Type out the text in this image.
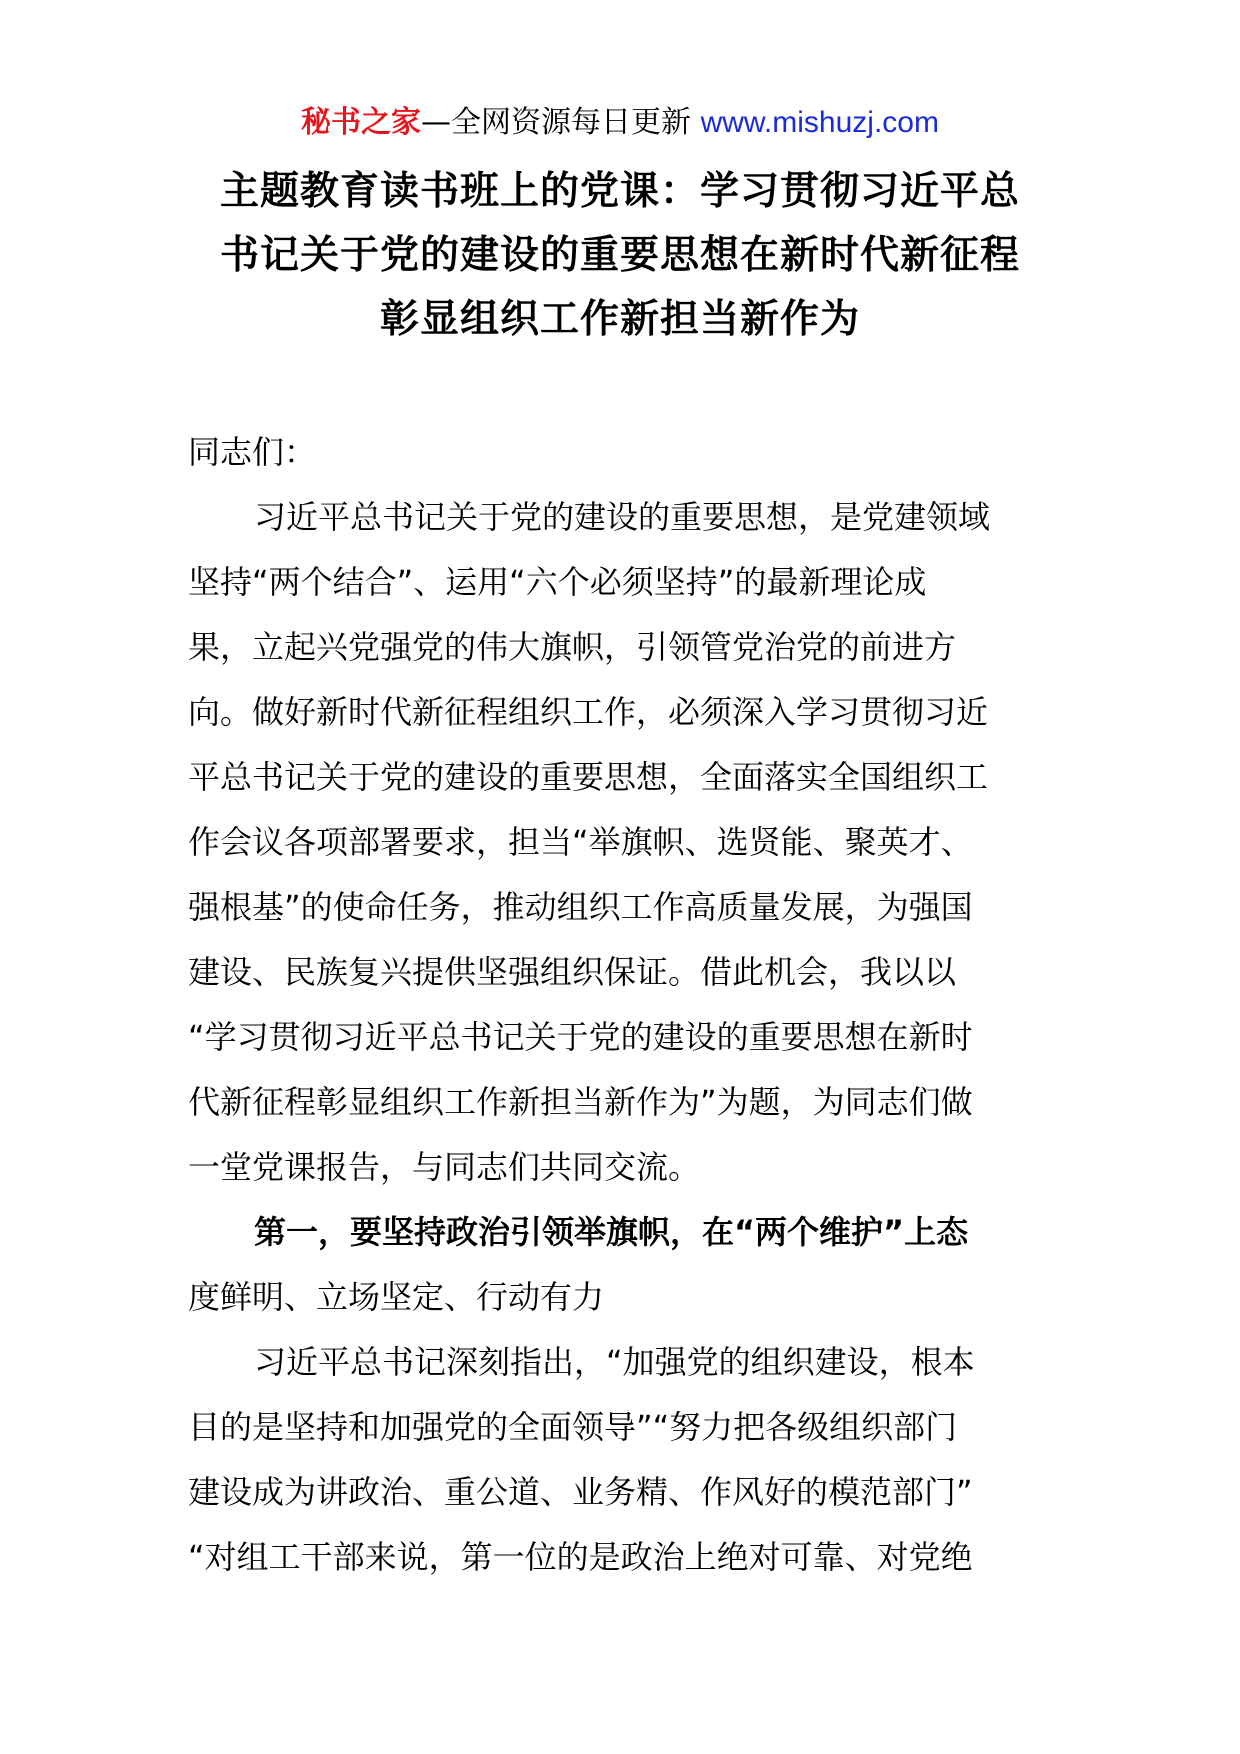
秘书之家—全网资源每日更新 www.mishuzj.com
主题教育读书班上的党课：学习贯彻习近平总
书记关于党的建设的重要思想在新时代新征程
彰显组织工作新担当新作为
同志们：
习近平总书记关于党的建设的重要思想，是党建领域
坚持“两个结合”、运用“六个必须坚持”的最新理论成
果，立起兴党强党的伟大旗帜，引领管党治党的前进方
向。做好新时代新征程组织工作，必须深入学习贯彻习近
平总书记关于党的建设的重要思想，全面落实全国组织工
作会议各项部署要求，担当“举旗帜、选贤能、聚英才、
强根基”的使命任务，推动组织工作高质量发展，为强国
建设、民族复兴提供坚强组织保证。借此机会，我以以
“学习贯彻习近平总书记关于党的建设的重要思想在新时
代新征程彰显组织工作新担当新作为”为题，为同志们做
一堂党课报告，与同志们共同交流。
第一，要坚持政治引领举旗帜，在“两个维护”上态
度鲜明、立场坚定、行动有力
习近平总书记深刻指出，“加强党的组织建设，根本
目的是坚持和加强党的全面领导”“努力把各级组织部门
建设成为讲政治、重公道、业务精、作风好的模范部门”
“对组工干部来说，第一位的是政治上绝对可靠、对党绝
